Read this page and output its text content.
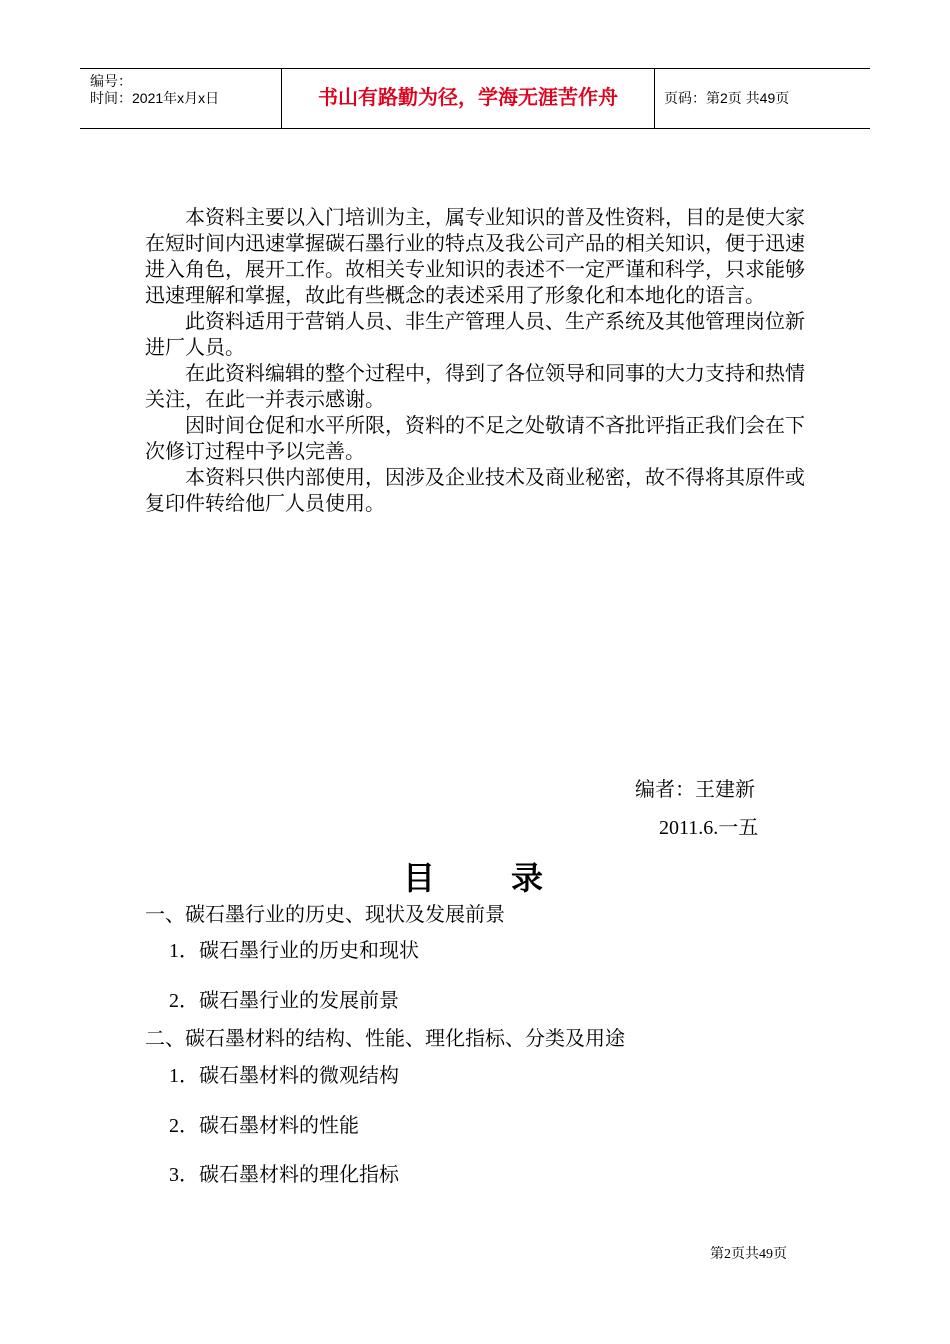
编号：
时间：2021年x月x日	书山有路勤为径，学海无涯苦作舟	页码：第2页 共49页

本资料主要以入门培训为主，属专业知识的普及性资料，目的是使大家在短时间内迅速掌握碳石墨行业的特点及我公司产品的相关知识，便于迅速进入角色，展开工作。故相关专业知识的表述不一定严谨和科学，只求能够迅速理解和掌握，故此有些概念的表述采用了形象化和本地化的语言。

此资料适用于营销人员、非生产管理人员、生产系统及其他管理岗位新进厂人员。

在此资料编辑的整个过程中，得到了各位领导和同事的大力支持和热情关注，在此一并表示感谢。

因时间仓促和水平所限，资料的不足之处敬请不吝批评指正我们会在下次修订过程中予以完善。

本资料只供内部使用，因涉及企业技术及商业秘密，故不得将其原件或复印件转给他厂人员使用。

编者：王建新
2011.6.一五
目录
一、碳石墨行业的历史、现状及发展前景
1．碳石墨行业的历史和现状
2．碳石墨行业的发展前景
二、碳石墨材料的结构、性能、理化指标、分类及用途
1．碳石墨材料的微观结构
2．碳石墨材料的性能
3．碳石墨材料的理化指标
第2页共49页
